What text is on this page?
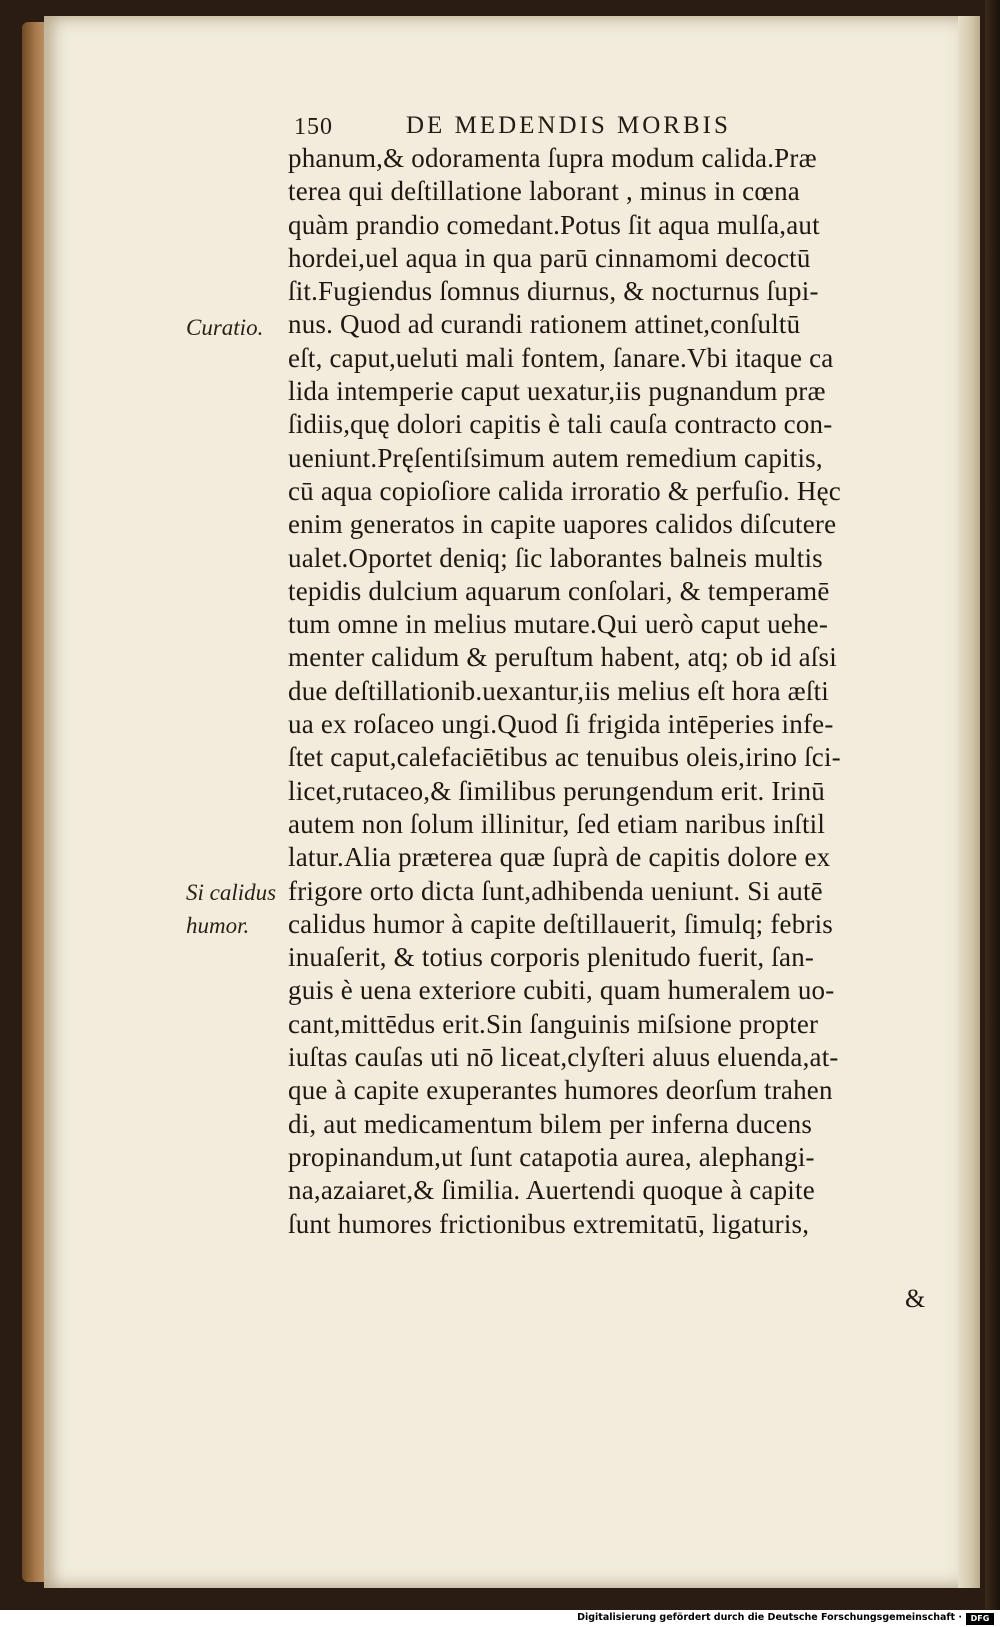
150	DE MEDENDIS MORBIS
Curatio.
Si calidus
humor.
phanum,& odoramenta ſupra modum calida.Præ
terea qui deſtillatione laborant , minus in cœna
quàm prandio comedant.Potus ſit aqua mulſa,aut
hordei,uel aqua in qua parū cinnamomi decoctū
ſit.Fugiendus ſomnus diurnus, & nocturnus ſupi-
nus. Quod ad curandi rationem attinet,conſultū
eſt, caput,ueluti mali fontem, ſanare.Vbi itaque ca
lida intemperie caput uexatur,iis pugnandum præ
ſidiis,quę dolori capitis è tali cauſa contracto con-
ueniunt.Pręſentiſsimum autem remedium capitis,
cū aqua copioſiore calida irroratio & perfuſio. Hęc
enim generatos in capite uapores calidos diſcutere
ualet.Oportet deniq; ſic laborantes balneis multis
tepidis dulcium aquarum conſolari, & temperamē
tum omne in melius mutare.Qui uerò caput uehe-
menter calidum & peruſtum habent, atq; ob id aſsi
due deſtillationib.uexantur,iis melius eſt hora æſti
ua ex roſaceo ungi.Quod ſi frigida intēperies infe-
ſtet caput,calefaciētibus ac tenuibus oleis,irino ſci-
licet,rutaceo,& ſimilibus perungendum erit. Irinū
autem non ſolum illinitur, ſed etiam naribus inſtil
latur.Alia præterea quæ ſuprà de capitis dolore ex
frigore orto dicta ſunt,adhibenda ueniunt. Si autē
calidus humor à capite deſtillauerit, ſimulq; febris
inuaſerit, & totius corporis plenitudo fuerit, ſan-
guis è uena exteriore cubiti, quam humeralem uo-
cant,mittēdus erit.Sin ſanguinis miſsione propter
iuſtas cauſas uti nō liceat,clyſteri aluus eluenda,at-
que à capite exuperantes humores deorſum trahen
di, aut medicamentum bilem per inferna ducens
propinandum,ut ſunt catapotia aurea, alephangi-
na,azaiaret,& ſimilia. Auertendi quoque à capite
ſunt humores frictionibus extremitatū, ligaturis,
&
Digitalisierung gefördert durch die Deutsche Forschungsgemeinschaft ·	DFG
